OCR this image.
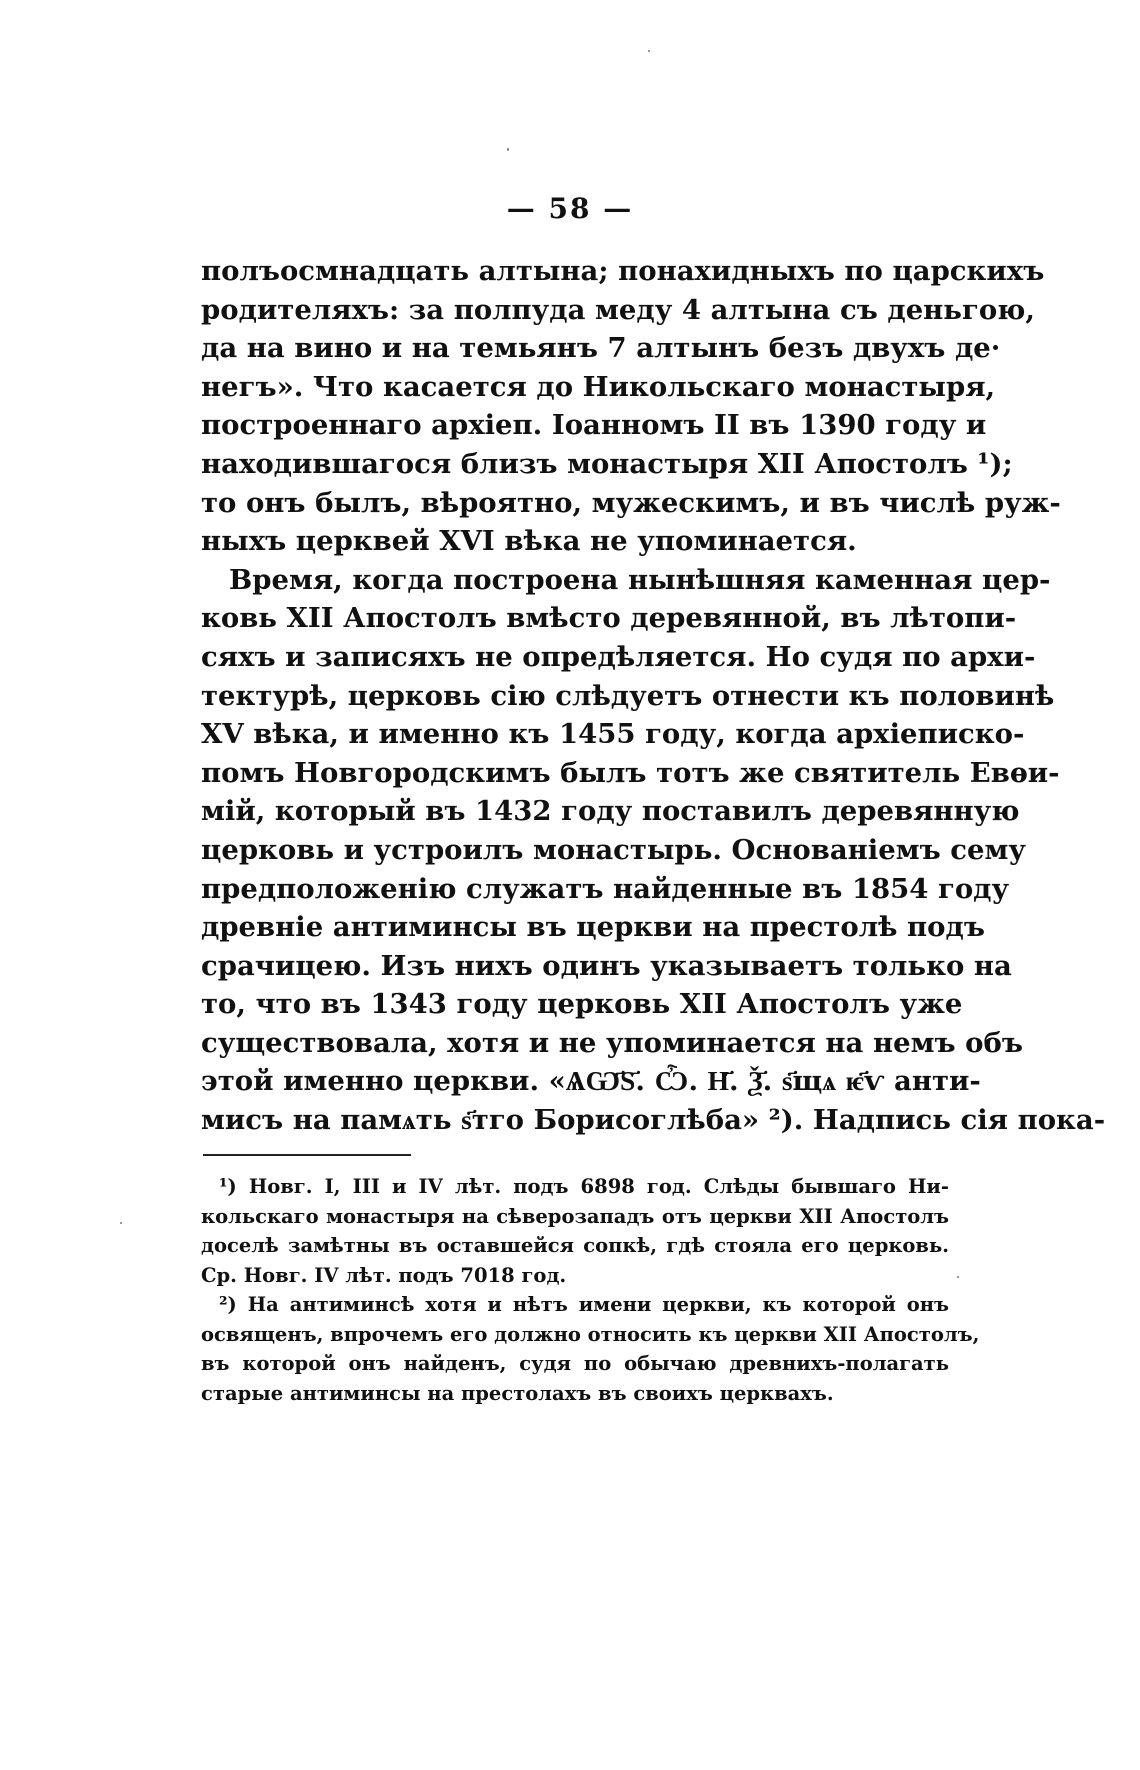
— 58 —
полъосмнадцать алтына; понахидныхъ по царскихъ
родителяхъ: за полпуда меду 4 алтына съ деньгою,
да на вино и на темьянъ 7 алтынъ безъ двухъ де·
негъ». Что касается до Никольскаго монастыря,
построеннаго архіеп. Іоанномъ II въ 1390 году и
находившагося близъ монастыря XII Апостолъ ¹);
то онъ былъ, вѣроятно, мужескимъ, и въ числѣ руж-
ныхъ церквей XVI вѣка не упоминается.
Время, когда построена нынѣшняя каменная цер-
ковь XII Апостолъ вмѣсто деревянной, въ лѣтопи-
сяхъ и записяхъ не опредѣляется. Но судя по архи-
тектурѣ, церковь сію слѣдуетъ отнести къ половинѣ
XV вѣка, и именно къ 1455 году, когда архіеписко-
помъ Новгородскимъ былъ тотъ же святитель Евѳи-
мій, который въ 1432 году поставилъ деревянную
церковь и устроилъ монастырь. Основаніемъ сему
предположенію служатъ найденные въ 1854 году
древніе антиминсы въ церкви на престолѣ подъ
срачицею. Изъ нихъ одинъ указываетъ только на
то, что въ 1343 году церковь XII Апостолъ уже
существовала, хотя и не упоминается на немъ объ
этой именно церкви. «ѦѠ҃Ѕ҃. Ѽ. Н҃. Ѯ҃. ѕ҃щѧ ѥ҃ѵ анти-
мисъ на памѧть ѕ҃тго Борисоглѣба» ²). Надпись сія пока-
¹) Новг. I, III и IV лѣт. подъ 6898 год. Слѣды бывшаго Ни-
кольскаго монастыря на сѣверозападъ отъ церкви XII Апостолъ
доселѣ замѣтны въ оставшейся сопкѣ, гдѣ стояла его церковь.
Ср. Новг. IV лѣт. подъ 7018 год.
²) На антиминсѣ хотя и нѣтъ имени церкви, къ которой онъ
освященъ, впрочемъ его должно относить къ церкви XII Апостолъ,
въ которой онъ найденъ, судя по обычаю древнихъ-полагать
старые антиминсы на престолахъ въ своихъ церквахъ.
